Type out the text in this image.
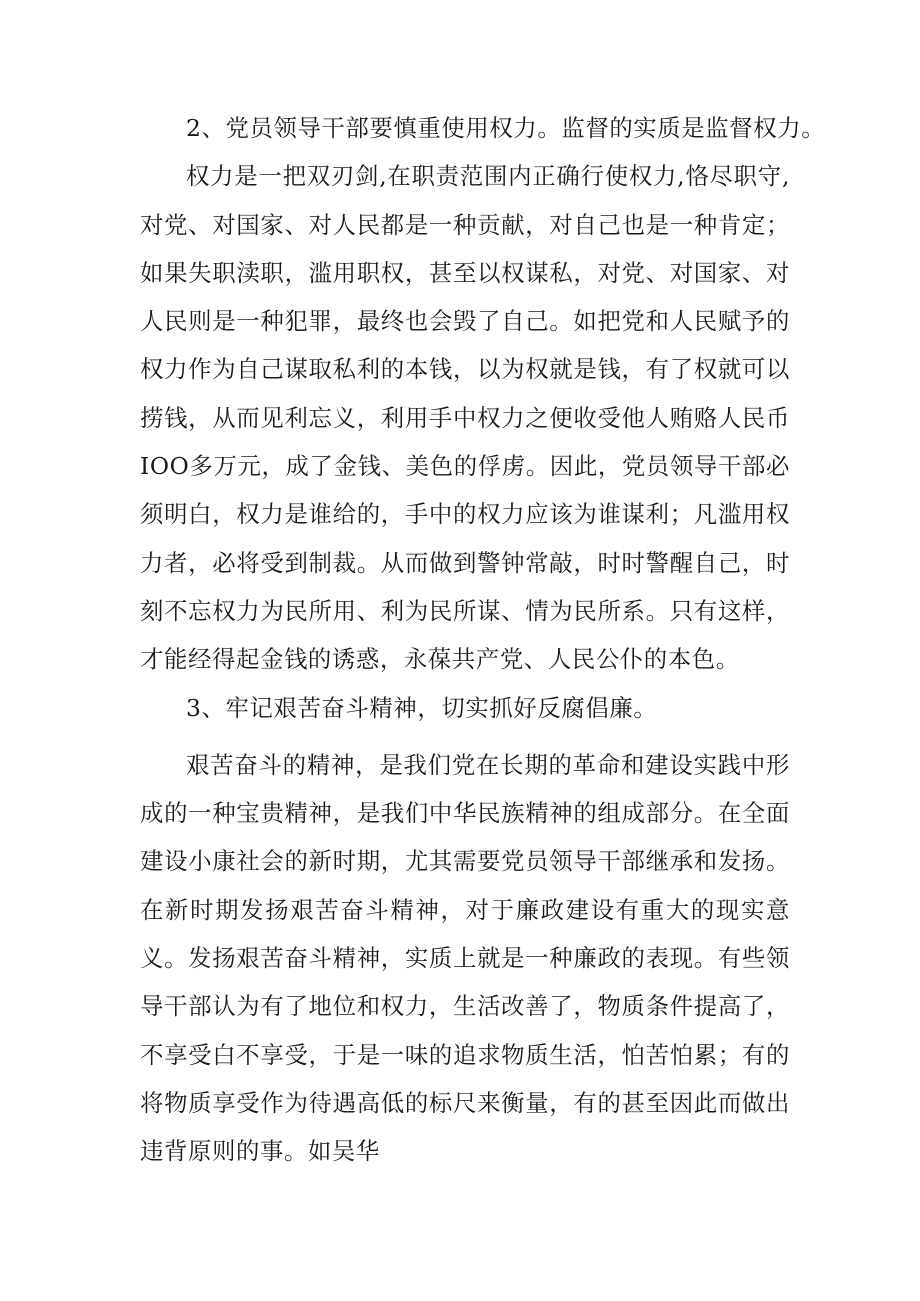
2、党员领导干部要慎重使用权力。监督的实质是监督权力。

权力是一把双刃剑,在职责范围内正确行使权力,恪尽职守,对党、对国家、对人民都是一种贡献，对自己也是一种肯定；如果失职渎职，滥用职权，甚至以权谋私，对党、对国家、对人民则是一种犯罪，最终也会毁了自己。如把党和人民赋予的权力作为自己谋取私利的本钱，以为权就是钱，有了权就可以捞钱，从而见利忘义，利用手中权力之便收受他人贿赂人民币IOO多万元，成了金钱、美色的俘虏。因此，党员领导干部必须明白，权力是谁给的，手中的权力应该为谁谋利；凡滥用权力者，必将受到制裁。从而做到警钟常敲，时时警醒自己，时刻不忘权力为民所用、利为民所谋、情为民所系。只有这样，才能经得起金钱的诱惑，永葆共产党、人民公仆的本色。

3、牢记艰苦奋斗精神，切实抓好反腐倡廉。

艰苦奋斗的精神，是我们党在长期的革命和建设实践中形成的一种宝贵精神，是我们中华民族精神的组成部分。在全面建设小康社会的新时期，尤其需要党员领导干部继承和发扬。在新时期发扬艰苦奋斗精神，对于廉政建设有重大的现实意义。发扬艰苦奋斗精神，实质上就是一种廉政的表现。有些领导干部认为有了地位和权力，生活改善了，物质条件提高了，不享受白不享受，于是一味的追求物质生活，怕苦怕累；有的将物质享受作为待遇高低的标尺来衡量，有的甚至因此而做出违背原则的事。如吴华
